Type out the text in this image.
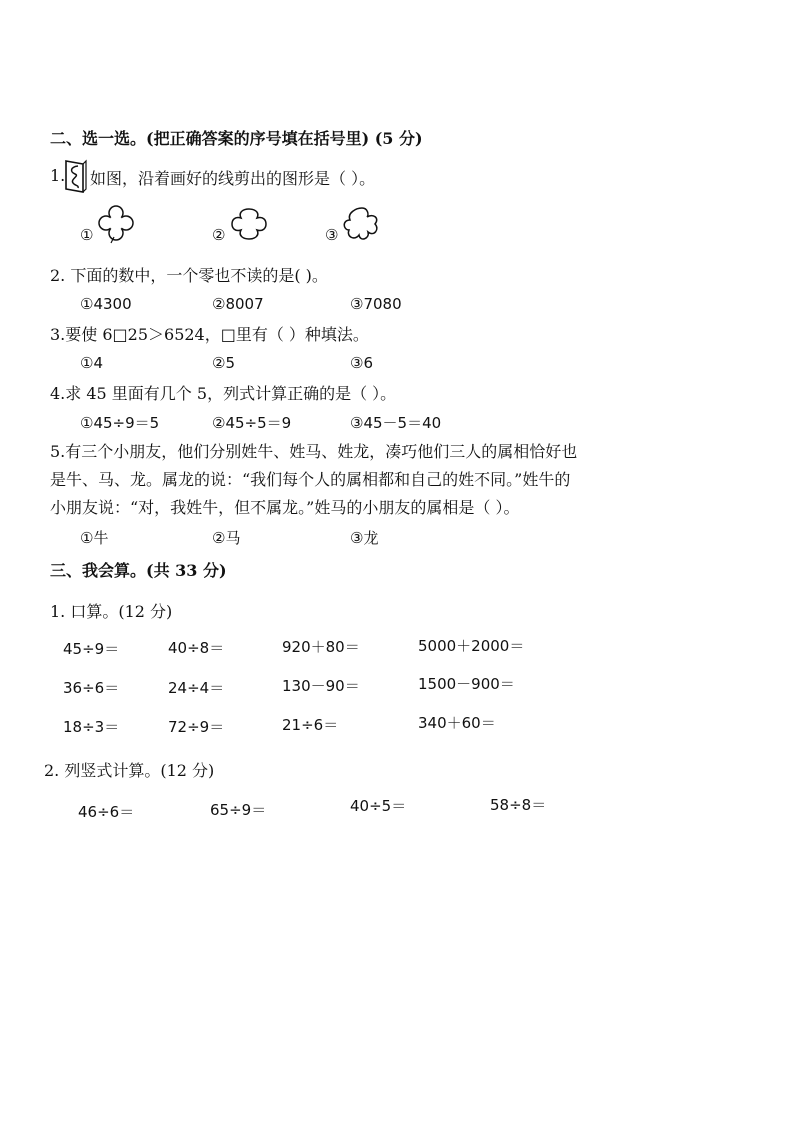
二、选一选。(把正确答案的序号填在括号里) (5 分)
1. 如图，沿着画好的线剪出的图形是（ ）。
①	②	③
2. 下面的数中，一个零也不读的是( )。
①4300	②8007	③7080
3.要使 6□25＞6524，□里有（ ）种填法。
①4	②5	③6
4.求 45 里面有几个 5，列式计算正确的是（ ）。
①45÷9＝5	②45÷5＝9	③45－5＝40
5.有三个小朋友，他们分别姓牛、姓马、姓龙，凑巧他们三人的属相恰好也
是牛、马、龙。属龙的说：“我们每个人的属相都和自己的姓不同。”姓牛的
小朋友说：“对，我姓牛，但不属龙。”姓马的小朋友的属相是（ ）。
①牛	②马	③龙
三、我会算。(共 33 分)
1. 口算。(12 分)
45÷9＝	40÷8＝	920＋80＝	5000＋2000＝
36÷6＝	24÷4＝	130－90＝	1500－900＝
18÷3＝	72÷9＝	21÷6＝	340＋60＝
2. 列竖式计算。(12 分)
46÷6＝	65÷9＝	40÷5＝	58÷8＝
